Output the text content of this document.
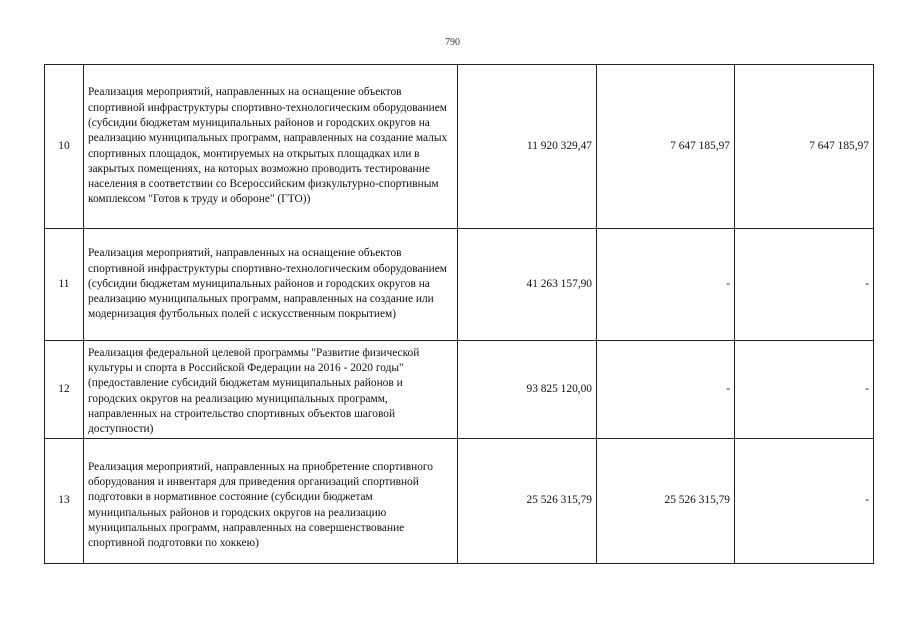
790
10	Реализация мероприятий, направленных на оснащение объектов спортивной инфраструктуры спортивно-технологическим оборудованием (субсидии бюджетам муниципальных районов и городских округов на реализацию муниципальных программ, направленных на создание малых спортивных площадок, монтируемых на открытых площадках или в закрытых помещениях, на которых возможно проводить тестирование населения в соответствии со Всероссийским физкультурно-спортивным комплексом "Готов к труду и обороне" (ГТО))	11 920 329,47	7 647 185,97	7 647 185,97
11	Реализация мероприятий, направленных на оснащение объектов спортивной инфраструктуры спортивно-технологическим оборудованием (субсидии бюджетам муниципальных районов и городских округов на реализацию муниципальных программ, направленных на создание или модернизация футбольных полей с искусственным покрытием)	41 263 157,90	-	-
12	Реализация федеральной целевой программы "Развитие физической культуры и спорта в Российской Федерации на 2016 - 2020 годы" (предоставление субсидий бюджетам муниципальных районов и городских округов на реализацию муниципальных программ, направленных на строительство спортивных объектов шаговой доступности)	93 825 120,00	-	-
13	Реализация мероприятий, направленных на приобретение спортивного оборудования и инвентаря для приведения организаций спортивной подготовки в нормативное состояние (субсидии бюджетам муниципальных районов и городских округов на реализацию муниципальных программ, направленных на совершенствование спортивной подготовки по хоккею)	25 526 315,79	25 526 315,79	-
